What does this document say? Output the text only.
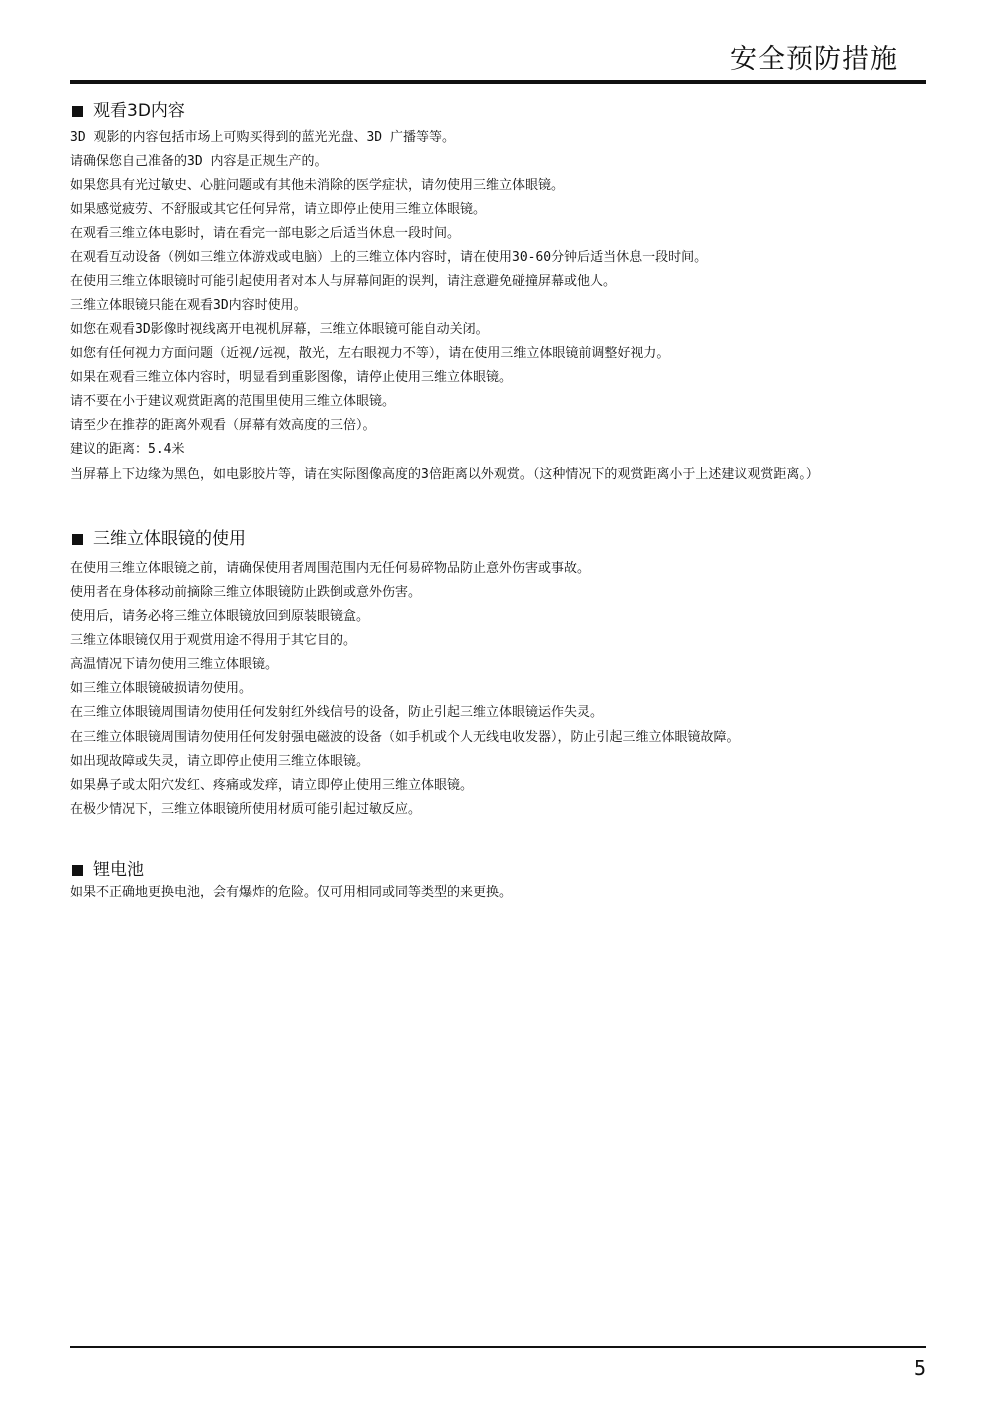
安全预防措施
观看3D内容
3D 观影的内容包括市场上可购买得到的蓝光光盘、3D 广播等等。
请确保您自己准备的3D 内容是正规生产的。
如果您具有光过敏史、心脏问题或有其他未消除的医学症状，请勿使用三维立体眼镜。
如果感觉疲劳、不舒服或其它任何异常，请立即停止使用三维立体眼镜。
在观看三维立体电影时，请在看完一部电影之后适当休息一段时间。
在观看互动设备（例如三维立体游戏或电脑）上的三维立体内容时，请在使用30-60分钟后适当休息一段时间。
在使用三维立体眼镜时可能引起使用者对本人与屏幕间距的误判，请注意避免碰撞屏幕或他人。
三维立体眼镜只能在观看3D内容时使用。
如您在观看3D影像时视线离开电视机屏幕，三维立体眼镜可能自动关闭。
如您有任何视力方面问题（近视/远视，散光，左右眼视力不等），请在使用三维立体眼镜前调整好视力。
如果在观看三维立体内容时，明显看到重影图像，请停止使用三维立体眼镜。
请不要在小于建议观赏距离的范围里使用三维立体眼镜。
请至少在推荐的距离外观看（屏幕有效高度的三倍）。
建议的距离：5.4米
当屏幕上下边缘为黑色，如电影胶片等，请在实际图像高度的3倍距离以外观赏。（这种情况下的观赏距离小于上述建议观赏距离。）
三维立体眼镜的使用
在使用三维立体眼镜之前，请确保使用者周围范围内无任何易碎物品防止意外伤害或事故。
使用者在身体移动前摘除三维立体眼镜防止跌倒或意外伤害。
使用后，请务必将三维立体眼镜放回到原装眼镜盒。
三维立体眼镜仅用于观赏用途不得用于其它目的。
高温情况下请勿使用三维立体眼镜。
如三维立体眼镜破损请勿使用。
在三维立体眼镜周围请勿使用任何发射红外线信号的设备，防止引起三维立体眼镜运作失灵。
在三维立体眼镜周围请勿使用任何发射强电磁波的设备（如手机或个人无线电收发器），防止引起三维立体眼镜故障。
如出现故障或失灵，请立即停止使用三维立体眼镜。
如果鼻子或太阳穴发红、疼痛或发痒，请立即停止使用三维立体眼镜。
在极少情况下，三维立体眼镜所使用材质可能引起过敏反应。
锂电池
如果不正确地更换电池，会有爆炸的危险。仅可用相同或同等类型的来更换。
5
